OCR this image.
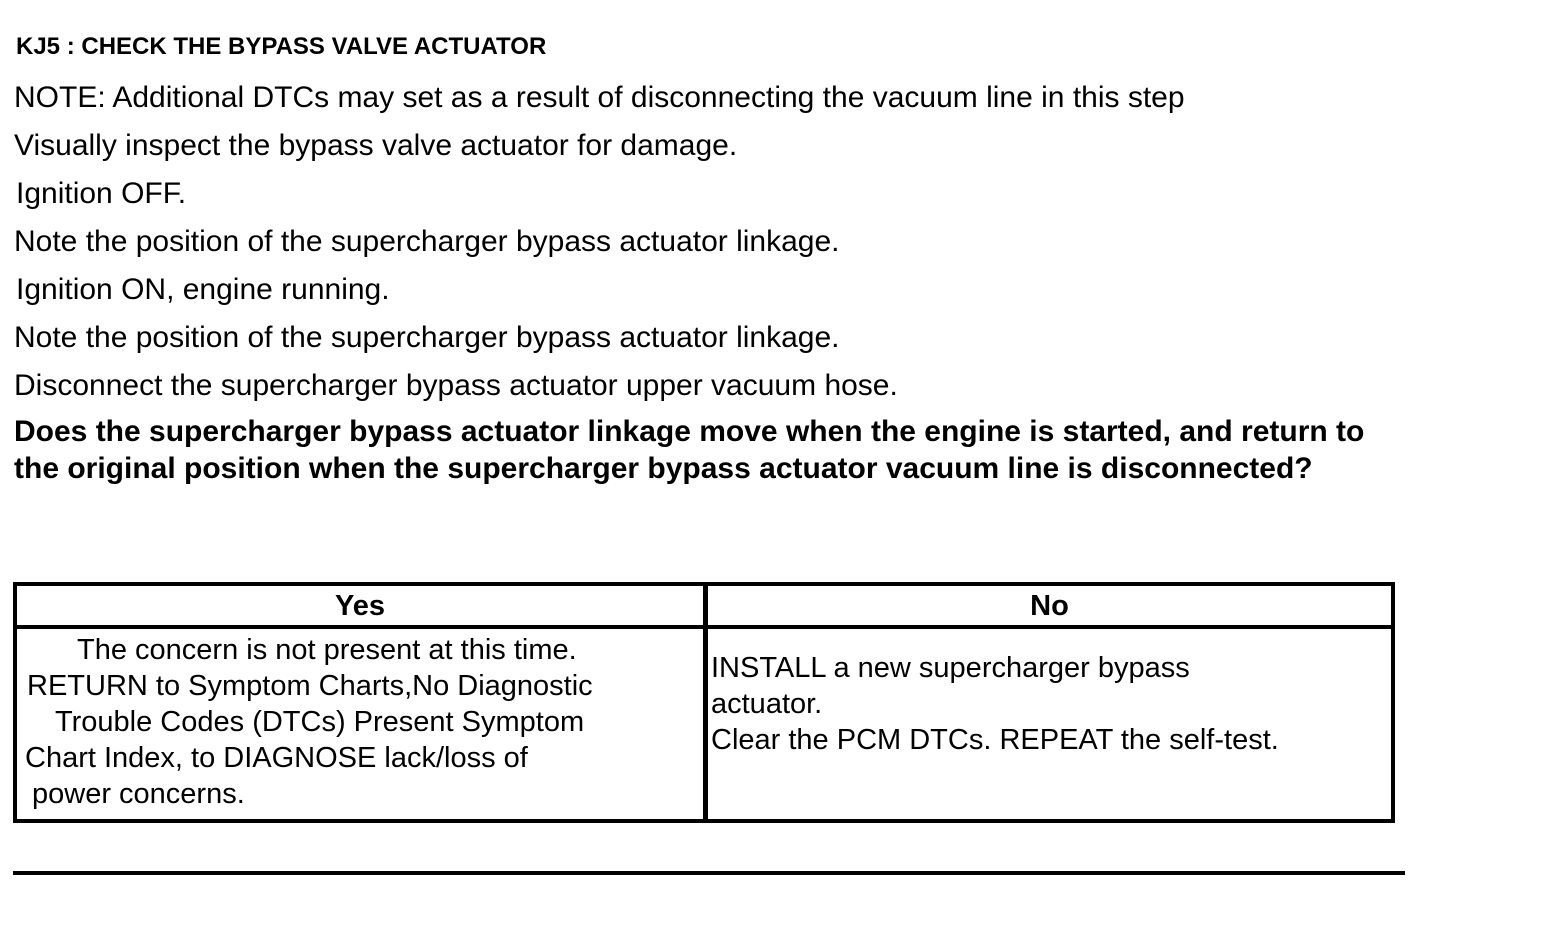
KJ5 : CHECK THE BYPASS VALVE ACTUATOR
NOTE: Additional DTCs may set as a result of disconnecting the vacuum line in this step
Visually inspect the bypass valve actuator for damage.
Ignition OFF.
Note the position of the supercharger bypass actuator linkage.
Ignition ON, engine running.
Note the position of the supercharger bypass actuator linkage.
Disconnect the supercharger bypass actuator upper vacuum hose.
Does the supercharger bypass actuator linkage move when the engine is started, and return to the original position when the supercharger bypass actuator vacuum line is disconnected?
Yes	No
The concern is not present at this time.
RETURN to Symptom Charts,No Diagnostic
Trouble Codes (DTCs) Present Symptom
Chart Index, to DIAGNOSE lack/loss of
power concerns.
INSTALL a new supercharger bypass
actuator.
Clear the PCM DTCs. REPEAT the self-test.
